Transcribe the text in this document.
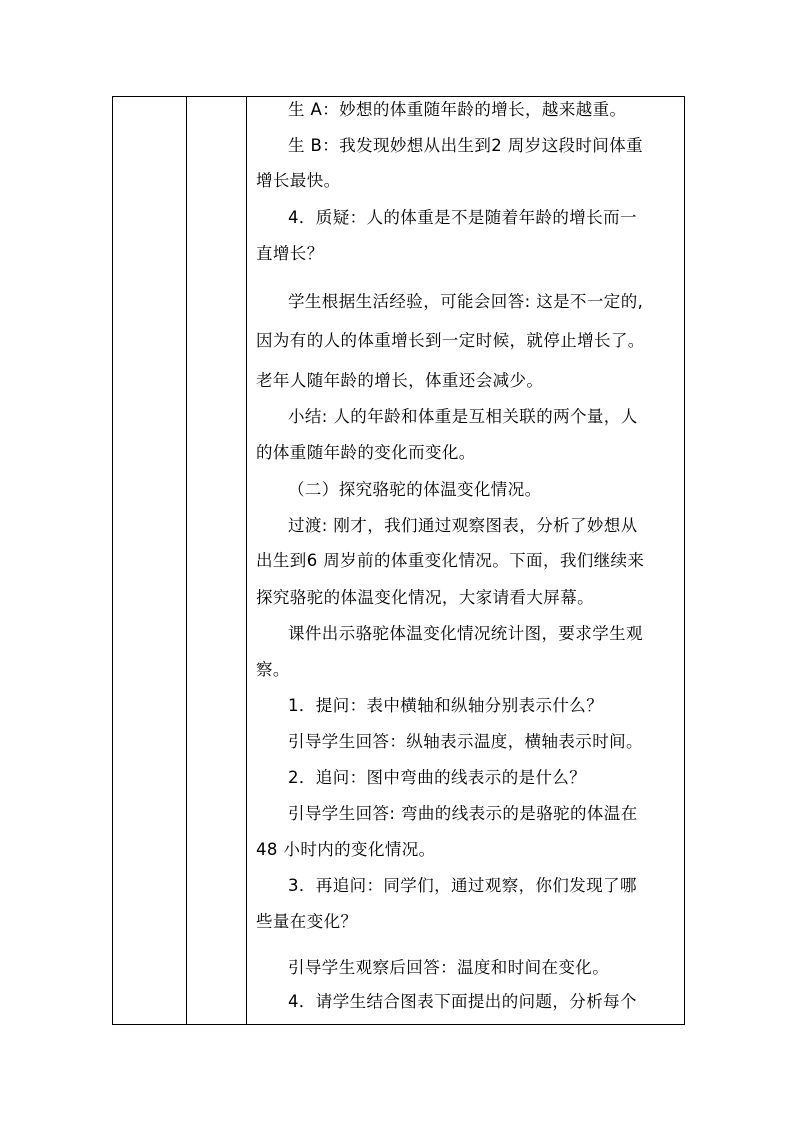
生 A：妙想的体重随年龄的增长，越来越重。
生 B：我发现妙想从出生到2 周岁这段时间体重
增长最快。
4．质疑：人的体重是不是随着年龄的增长而一
直增长？
学生根据生活经验，可能会回答: 这是不一定的,
因为有的人的体重增长到一定时候，就停止增长了。
老年人随年龄的增长，体重还会减少。
小结: 人的年龄和体重是互相关联的两个量，人
的体重随年龄的变化而变化。
（二）探究骆驼的体温变化情况。
过渡: 刚才，我们通过观察图表，分析了妙想从
出生到6 周岁前的体重变化情况。下面，我们继续来
探究骆驼的体温变化情况，大家请看大屏幕。
课件出示骆驼体温变化情况统计图，要求学生观
察。
1．提问：表中横轴和纵轴分别表示什么？
引导学生回答：纵轴表示温度，横轴表示时间。
2．追问：图中弯曲的线表示的是什么？
引导学生回答: 弯曲的线表示的是骆驼的体温在
48 小时内的变化情况。
3．再追问：同学们，通过观察，你们发现了哪
些量在变化？
引导学生观察后回答：温度和时间在变化。
4．请学生结合图表下面提出的问题，分析每个
